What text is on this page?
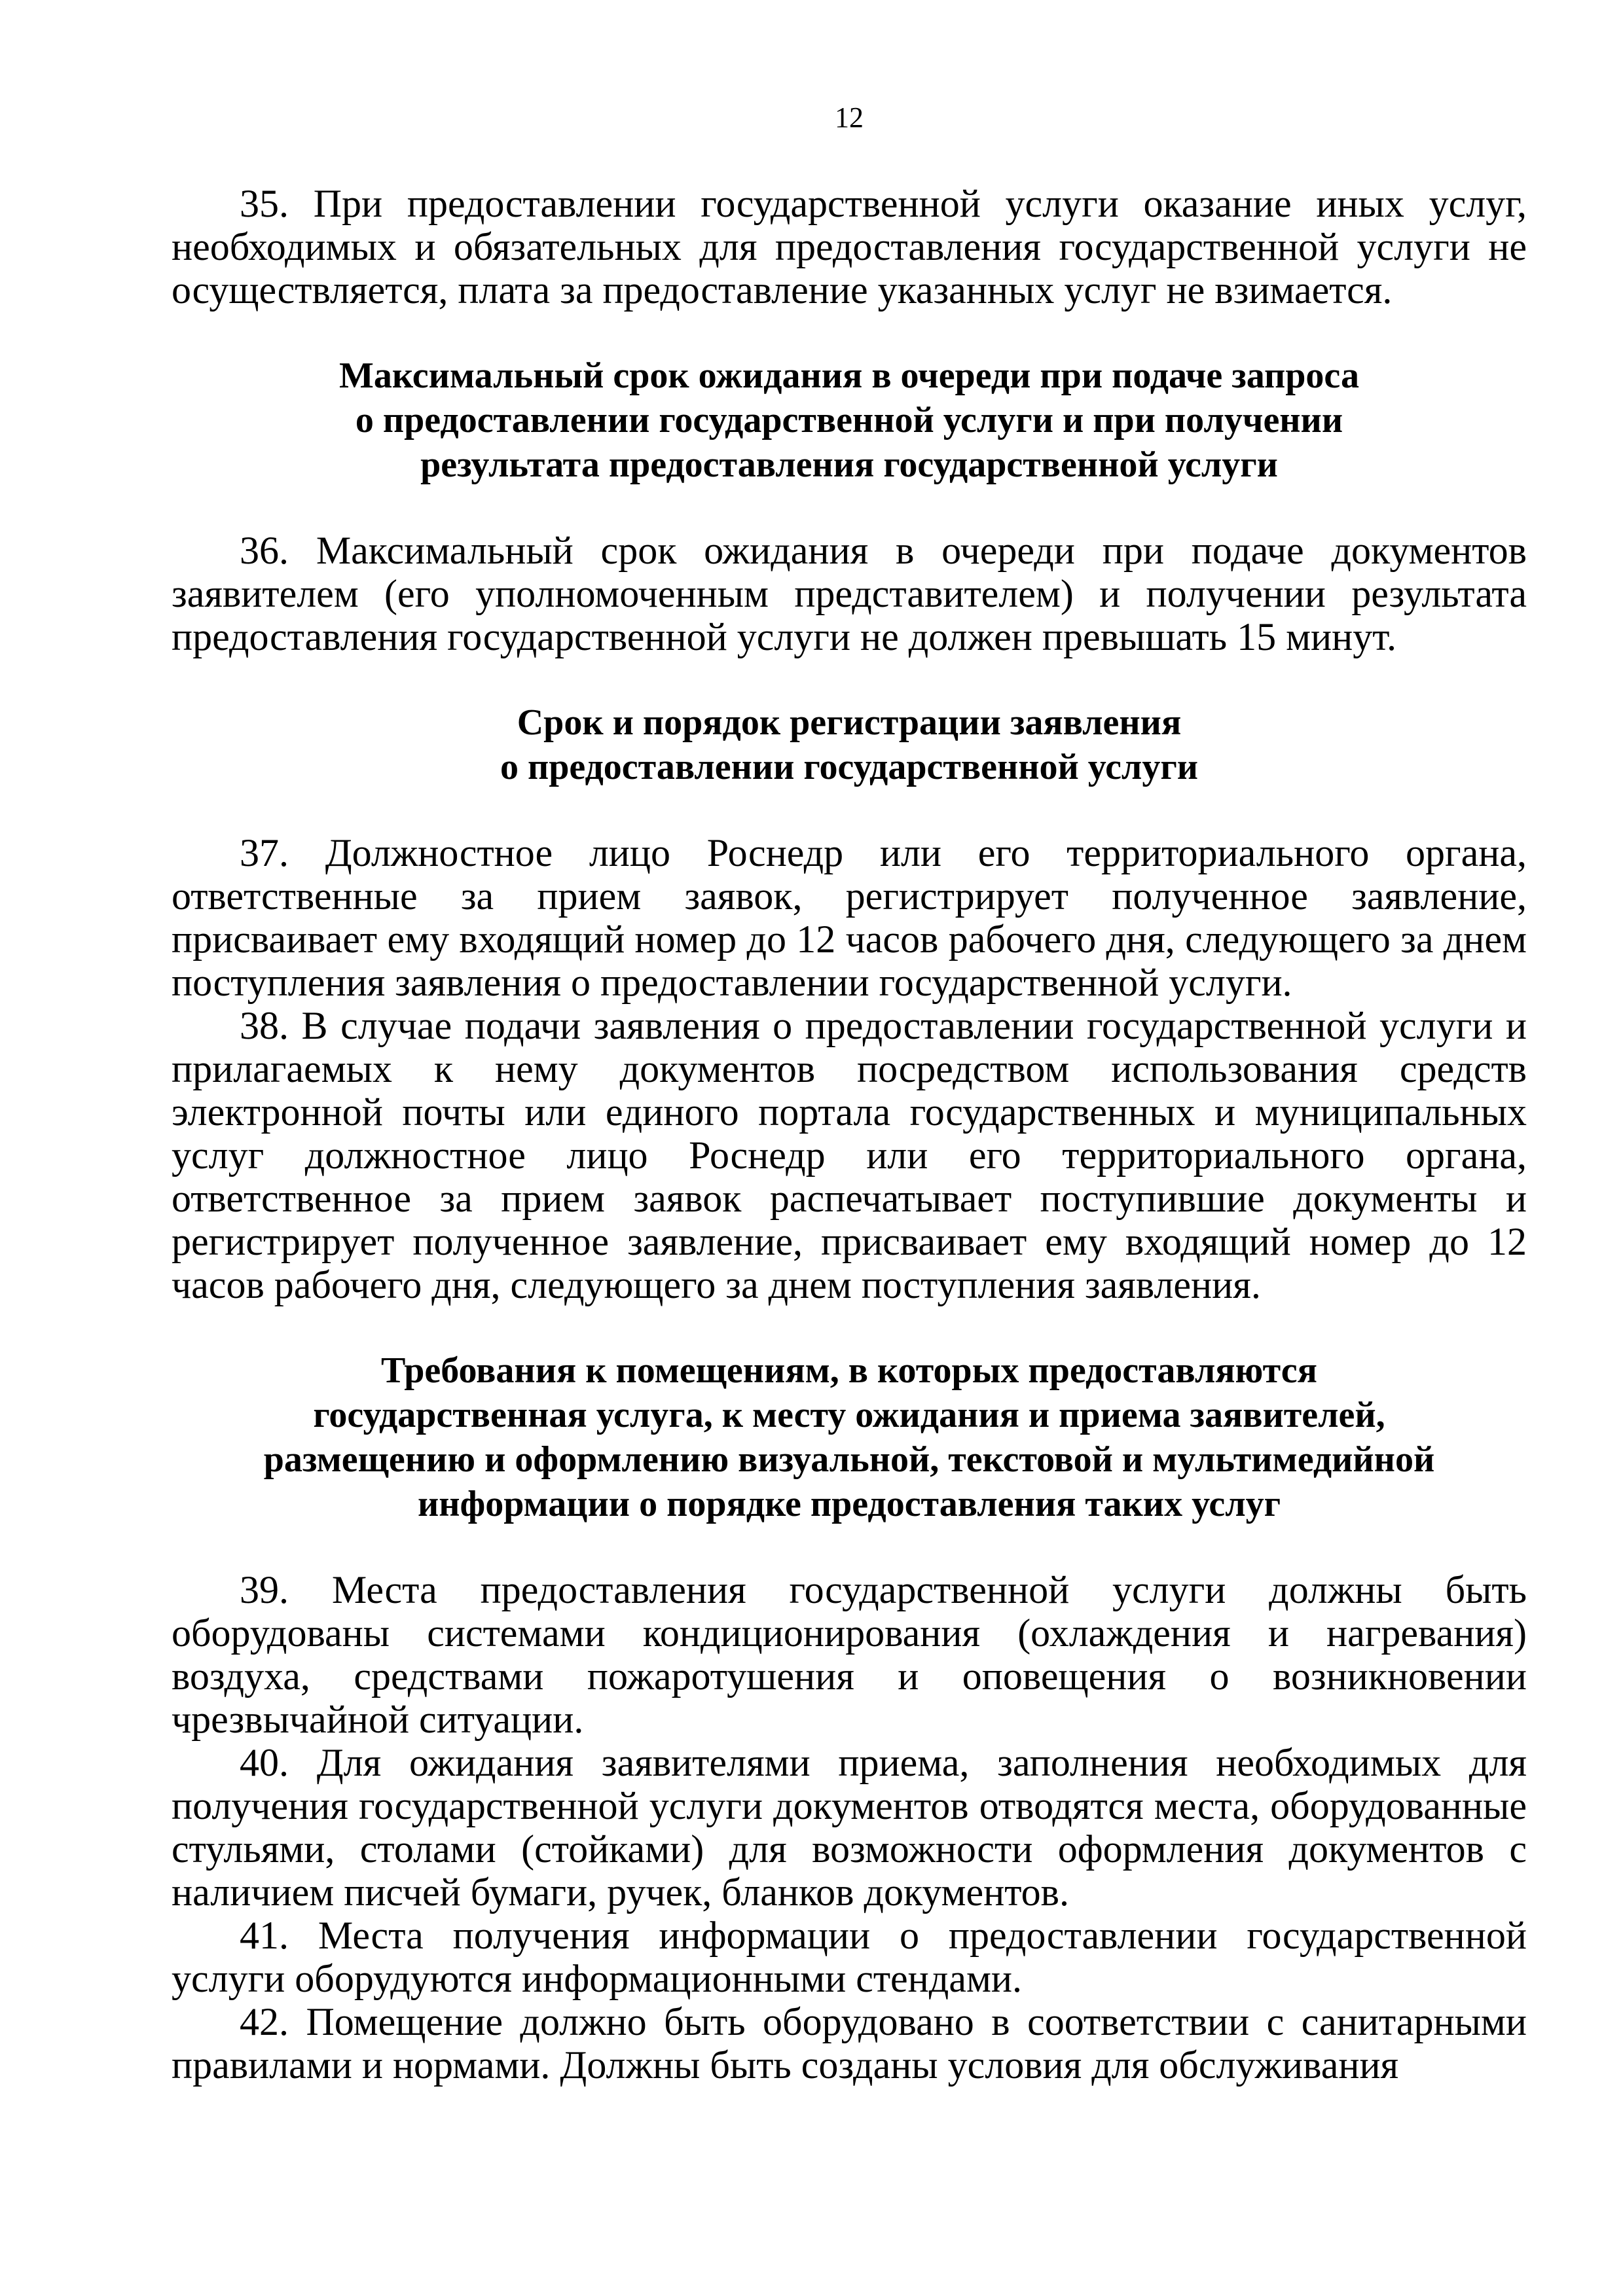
12

35. При предоставлении государственной услуги оказание иных услуг, необходимых и обязательных для предоставления государственной услуги не осуществляется, плата за предоставление указанных услуг не взимается.

Максимальный срок ожидания в очереди при подаче запроса
о предоставлении государственной услуги и при получении
результата предоставления государственной услуги

36. Максимальный срок ожидания в очереди при подаче документов заявителем (его уполномоченным представителем) и получении результата предоставления государственной услуги не должен превышать 15 минут.

Срок и порядок регистрации заявления
о предоставлении государственной услуги

37. Должностное лицо Роснедр или его территориального органа, ответственные за прием заявок, регистрирует полученное заявление, присваивает ему входящий номер до 12 часов рабочего дня, следующего за днем поступления заявления о предоставлении государственной услуги.

38. В случае подачи заявления о предоставлении государственной услуги и прилагаемых к нему документов посредством использования средств электронной почты или единого портала государственных и муниципальных услуг должностное лицо Роснедр или его территориального органа, ответственное за прием заявок распечатывает поступившие документы и регистрирует полученное заявление, присваивает ему входящий номер до 12 часов рабочего дня, следующего за днем поступления заявления.

Требования к помещениям, в которых предоставляются
государственная услуга, к месту ожидания и приема заявителей,
размещению и оформлению визуальной, текстовой и мультимедийной
информации о порядке предоставления таких услуг

39. Места предоставления государственной услуги должны быть оборудованы системами кондиционирования (охлаждения и нагревания) воздуха, средствами пожаротушения и оповещения о возникновении чрезвычайной ситуации.

40. Для ожидания заявителями приема, заполнения необходимых для получения государственной услуги документов отводятся места, оборудованные стульями, столами (стойками) для возможности оформления документов с наличием писчей бумаги, ручек, бланков документов.

41. Места получения информации о предоставлении государственной услуги оборудуются информационными стендами.

42. Помещение должно быть оборудовано в соответствии с санитарными правилами и нормами. Должны быть созданы условия для обслуживания
